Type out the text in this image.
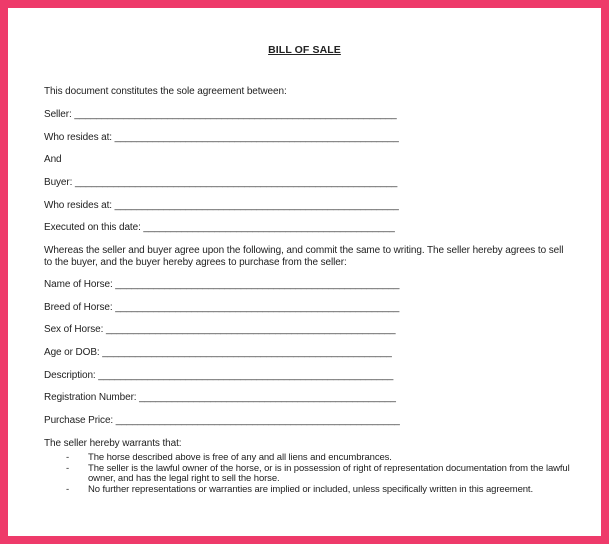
BILL OF SALE
This document constitutes the sole agreement between:
Seller: ___________________________________________________________
Who resides at: ____________________________________________________
And
Buyer: ___________________________________________________________
Who resides at: ____________________________________________________
Executed on this date: ______________________________________________
Whereas the seller and buyer agree upon the following, and commit the same to writing. The seller hereby agrees to sell to the buyer, and the buyer hereby agrees to purchase from the seller:
Name of Horse: ____________________________________________________
Breed of Horse: ____________________________________________________
Sex of Horse: _____________________________________________________
Age or DOB: _____________________________________________________
Description: ______________________________________________________
Registration Number: _______________________________________________
Purchase Price: ____________________________________________________
The seller hereby warrants that:
- The horse described above is free of any and all liens and encumbrances.
- The seller is the lawful owner of the horse, or is in possession of right of representation documentation from the lawful owner, and has the legal right to sell the horse.
- No further representations or warranties are implied or included, unless specifically written in this agreement.
